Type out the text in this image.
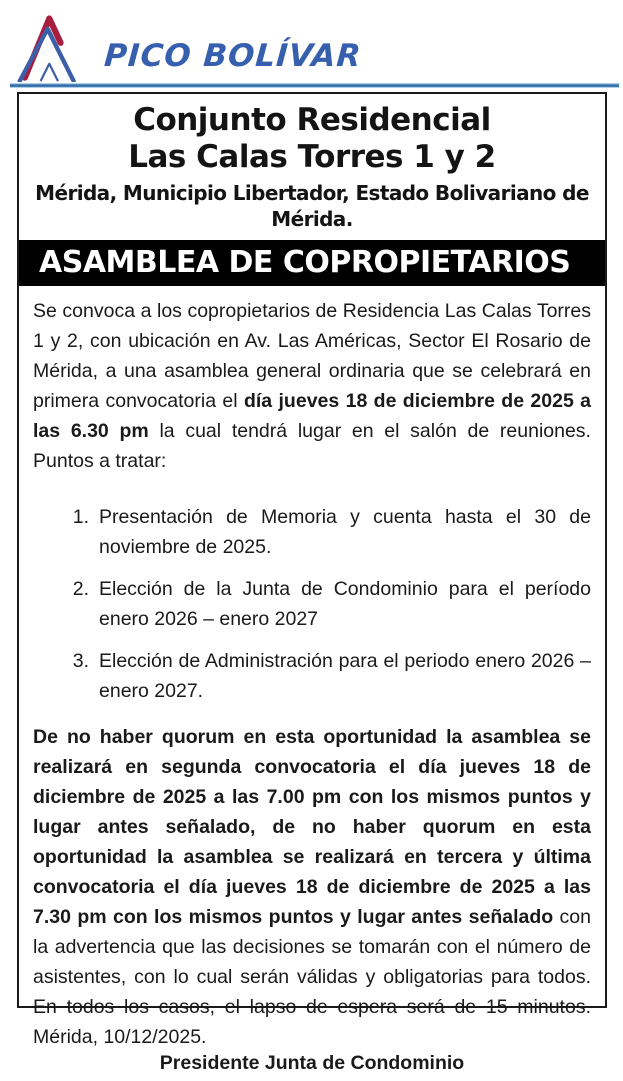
PICO BOLÍVAR
Conjunto Residencial
Las Calas Torres 1 y 2
Mérida, Municipio Libertador, Estado Bolivariano de Mérida.
ASAMBLEA DE COPROPIETARIOS

Se convoca a los copropietarios de Residencia Las Calas Torres 1 y 2, con ubicación en Av. Las Américas, Sector El Rosario de Mérida, a una asamblea general ordinaria que se celebrará en primera convocatoria el día jueves 18 de diciembre de 2025 a las 6.30 pm la cual tendrá lugar en el salón de reuniones. Puntos a tratar:

1. Presentación de Memoria y cuenta hasta el 30 de noviembre de 2025.
2. Elección de la Junta de Condominio para el período enero 2026 – enero 2027
3. Elección de Administración para el periodo enero 2026 – enero 2027.

De no haber quorum en esta oportunidad la asamblea se realizará en segunda convocatoria el día jueves 18 de diciembre de 2025 a las 7.00 pm con los mismos puntos y lugar antes señalado, de no haber quorum en esta oportunidad la asamblea se realizará en tercera y última convocatoria el día jueves 18 de diciembre de 2025 a las 7.30 pm con los mismos puntos y lugar antes señalado con la advertencia que las decisiones se tomarán con el número de asistentes, con lo cual serán válidas y obligatorias para todos. En todos los casos, el lapso de espera será de 15 minutos. Mérida, 10/12/2025.

Presidente Junta de Condominio
